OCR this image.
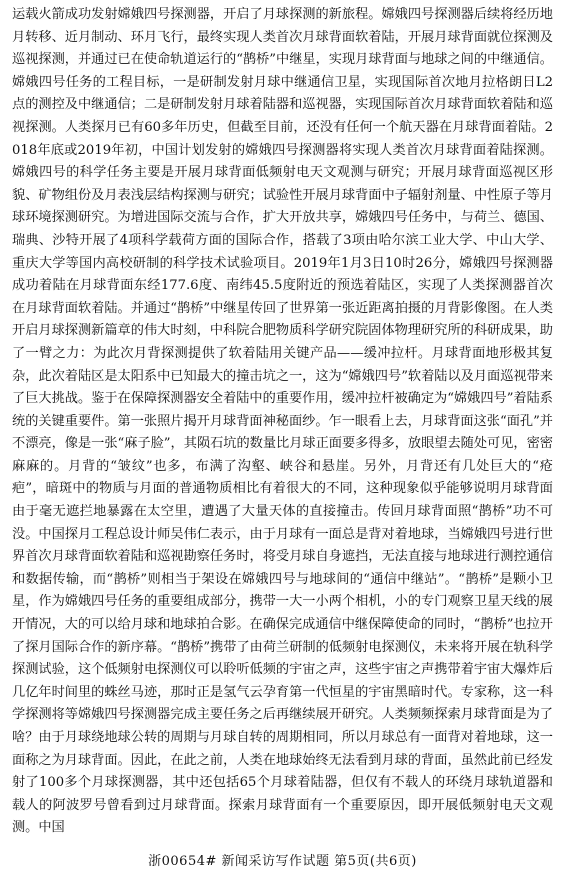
运载火箭成功发射嫦娥四号探测器，开启了月球探测的新旅程。嫦娥四号探测器后续将经历地月转移、近月制动、环月飞行，最终实现人类首次月球背面软着陆，开展月球背面就位探测及巡视探测，并通过已在使命轨道运行的“鹊桥”中继星，实现月球背面与地球之间的中继通信。嫦娥四号任务的工程目标，一是研制发射月球中继通信卫星，实现国际首次地月拉格朗日L2点的测控及中继通信；二是研制发射月球着陆器和巡视器，实现国际首次月球背面软着陆和巡视探测。人类探月已有60多年历史，但截至目前，还没有任何一个航天器在月球背面着陆。2018年底或2019年初，中国计划发射的嫦娥四号探测器将实现人类首次月球背面着陆探测。嫦娥四号的科学任务主要是开展月球背面低频射电天文观测与研究；开展月球背面巡视区形貌、矿物组份及月表浅层结构探测与研究；试验性开展月球背面中子辐射剂量、中性原子等月球环境探测研究。为增进国际交流与合作，扩大开放共享，嫦娥四号任务中，与荷兰、德国、瑞典、沙特开展了4项科学载荷方面的国际合作，搭载了3项由哈尔滨工业大学、中山大学、重庆大学等国内高校研制的科学技术试验项目。2019年1月3日10时26分，嫦娥四号探测器成功着陆在月球背面东经177.6度、南纬45.5度附近的预选着陆区，实现了人类探测器首次在月球背面软着陆。并通过“鹊桥”中继星传回了世界第一张近距离拍摄的月背影像图。在人类开启月球探测新篇章的伟大时刻，中科院合肥物质科学研究院固体物理研究所的科研成果，助了一臂之力：为此次月背探测提供了软着陆用关键产品——缓冲拉杆。月球背面地形极其复杂，此次着陆区是太阳系中已知最大的撞击坑之一，这为“嫦娥四号”软着陆以及月面巡视带来了巨大挑战。鉴于在保障探测器安全着陆中的重要作用，缓冲拉杆被确定为“嫦娥四号”着陆系统的关键重要件。第一张照片揭开月球背面神秘面纱。乍一眼看上去，月球背面这张“面孔”并不漂亮，像是一张“麻子脸”，其陨石坑的数量比月球正面要多得多，放眼望去随处可见，密密麻麻的。月背的“皱纹”也多，布满了沟壑、峡谷和悬崖。另外，月背还有几处巨大的“疮疤”，暗斑中的物质与月面的普通物质相比有着很大的不同，这种现象似乎能够说明月球背面由于毫无遮拦地暴露在太空里，遭遇了大量天体的直接撞击。传回月球背面照“鹊桥”功不可没。中国探月工程总设计师吴伟仁表示，由于月球有一面总是背对着地球，当嫦娥四号进行世界首次月球背面软着陆和巡视勘察任务时，将受月球自身遮挡，无法直接与地球进行测控通信和数据传输，而“鹊桥”则相当于架设在嫦娥四号与地球间的“通信中继站”。“鹊桥”是颗小卫星，作为嫦娥四号任务的重要组成部分，携带一大一小两个相机，小的专门观察卫星天线的展开情况，大的可以给月球和地球拍合影。在确保完成通信中继保障使命的同时，“鹊桥”也拉开了探月国际合作的新序幕。“鹊桥”携带了由荷兰研制的低频射电探测仪，未来将开展在轨科学探测试验，这个低频射电探测仪可以聆听低频的宇宙之声，这些宇宙之声携带着宇宙大爆炸后几亿年时间里的蛛丝马迹，那时正是氢气云孕育第一代恒星的宇宙黑暗时代。专家称，这一科学探测将等嫦娥四号探测器完成主要任务之后再继续展开研究。人类频频探索月球背面是为了啥？由于月球绕地球公转的周期与月球自转的周期相同，所以月球总有一面背对着地球，这一面称之为月球背面。因此，在此之前，人类在地球始终无法看到月球的背面，虽然此前已经发射了100多个月球探测器，其中还包括65个月球着陆器，但仅有不载人的环绕月球轨道器和载人的阿波罗号曾看到过月球背面。探索月球背面有一个重要原因，即开展低频射电天文观测。中国

浙00654# 新闻采访写作试题 第5页(共6页)
